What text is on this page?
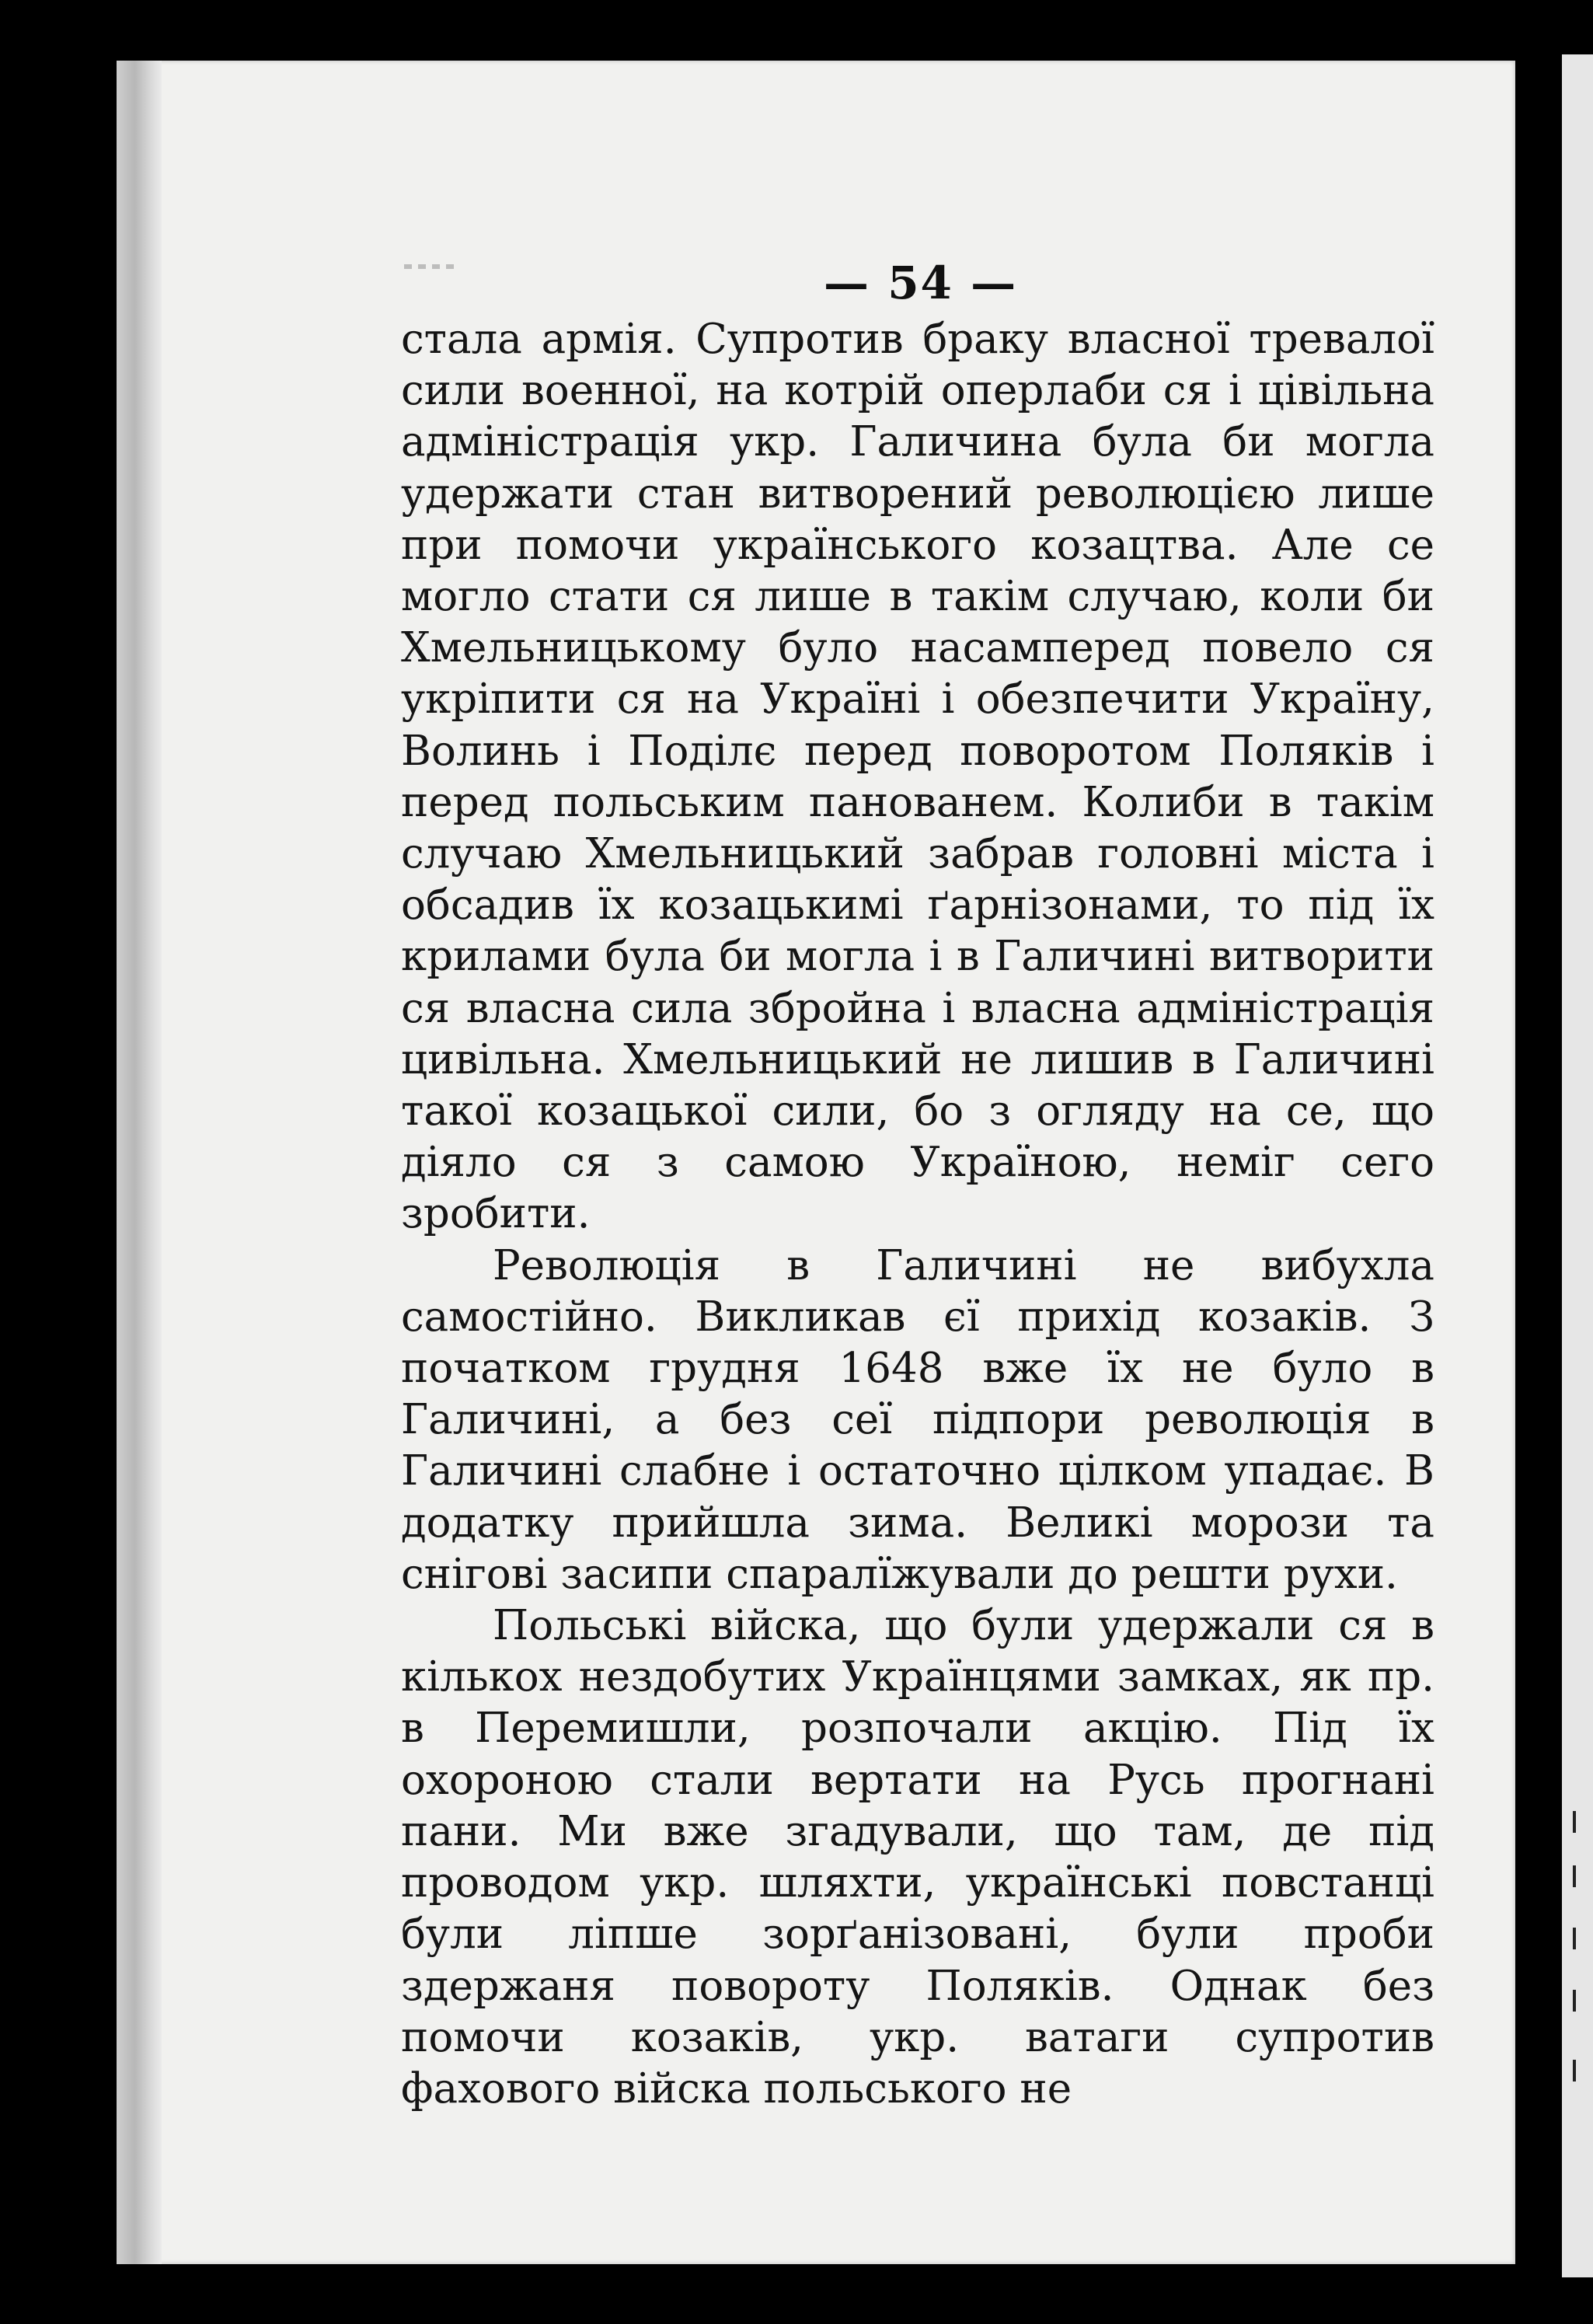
— 54 —

стала армія. Супротив браку власної тревалої сили военної, на котрій оперлаби ся і цівільна адміністрація укр. Галичина була би могла удержати стан витворений революцією лише при помочи українського козацтва. Але се могло стати ся лише в такім случаю, коли би Хмельницькому було насамперед повело ся укріпити ся на Україні і обезпечити Україну, Волинь і Поділє перед поворотом Поляків і перед польським панованем. Колиби в такім случаю Хмельницький забрав головні міста і обсадив їх козацькимі ґарнізонами, то під їх крилами була би могла і в Галичині витворити ся власна сила збройна і власна адміністрація цивільна. Хмельницький не лишив в Галичині такої козацької сили, бо з огляду на се, що діяло ся з самою Україною, неміг сего зробити.

Революція в Галичині не вибухла самостійно. Викликав єї прихід козаків. З початком грудня 1648 вже їх не було в Галичині, а без сеї підпори революція в Галичині слабне і остаточно цілком упадає. В додатку прийшла зима. Великі морози та снігові засипи спаралїжували до решти рухи.

Польські війска, що були удержали ся в кількох нездобутих Українцями замках, як пр. в Перемишли, розпочали акцію. Під їх охороною стали вертати на Русь прогнані пани. Ми вже згадували, що там, де під проводом укр. шляхти, українські повстанці були ліпше зорґанізовані, були проби здержаня повороту Поляків. Однак без помочи козаків, укр. ватаги супротив фахового війска польського не
